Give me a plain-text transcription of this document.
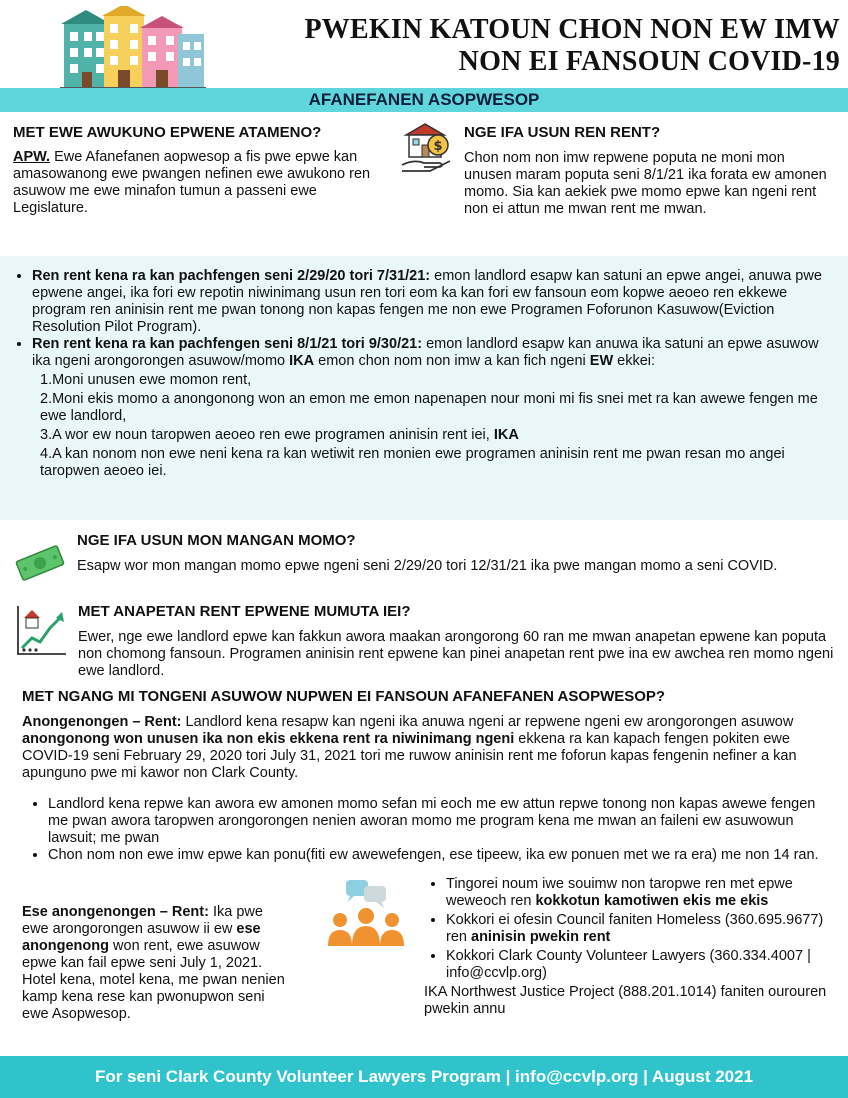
PWEKIN KATOUN CHON NON EW IMW
NON EI FANSOUN COVID-19
AFANEFANEN ASOPWESOP
MET EWE AWUKUNO EPWENE ATAMENO?
APW. Ewe Afanefanen aopwesop a fis pwe epwe kan amasowanong ewe pwangen nefinen ewe awukono ren asuwow me ewe minafon tumun a passeni ewe Legislature.
$
NGE IFA USUN REN RENT?
Chon nom non imw repwene poputa ne moni mon unusen maram poputa seni 8/1/21 ika forata ew amonen momo. Sia kan aekiek pwe momo epwe kan ngeni rent non ei attun me mwan rent me mwan.
• Ren rent kena ra kan pachfengen seni 2/29/20 tori 7/31/21: emon landlord esapw kan satuni an epwe angei, anuwa pwe epwene angei, ika fori ew repotin niwinimang usun ren tori eom ka kan fori ew fansoun eom kopwe aeoeo ren ekkewe program ren aninisin rent me pwan tonong non kapas fengen me non ewe Programen Foforunon Kasuwow(Eviction Resolution Pilot Program).
• Ren rent kena ra kan pachfengen seni 8/1/21 tori 9/30/21: emon landlord esapw kan anuwa ika satuni an epwe asuwow ika ngeni arongorongen asuwow/momo IKA emon chon nom non imw a kan fich ngeni EW ekkei:
1.Moni unusen ewe momon rent,
2.Moni ekis momo a anongonong won an emon me emon napenapen nour moni mi fis snei met ra kan awewe fengen me ewe landlord,
3.A wor ew noun taropwen aeoeo ren ewe programen aninisin rent iei, IKA
4.A kan nonom non ewe neni kena ra kan wetiwit ren monien ewe programen aninisin rent me pwan resan mo angei taropwen aeoeo iei.
NGE IFA USUN MON MANGAN MOMO?
Esapw wor mon mangan momo epwe ngeni seni 2/29/20 tori 12/31/21 ika pwe mangan momo a seni COVID.
MET ANAPETAN RENT EPWENE MUMUTA IEI?
Ewer, nge ewe landlord epwe kan fakkun awora maakan arongorong 60 ran me mwan anapetan epwene kan poputa non chomong fansoun. Programen aninisin rent epwene kan pinei anapetan rent pwe ina ew awchea ren momo ngeni ewe landlord.
MET NGANG MI TONGENI ASUWOW NUPWEN EI FANSOUN AFANEFANEN ASOPWESOP?
Anongenongen – Rent: Landlord kena resapw kan ngeni ika anuwa ngeni ar repwene ngeni ew arongorongen asuwow anongonong won unusen ika non ekis ekkena rent ra niwinimang ngeni ekkena ra kan kapach fengen pokiten ewe COVID-19 seni February 29, 2020 tori July 31, 2021 tori me ruwow aninisin rent me foforun kapas fengenin nefiner a kan apunguno pwe mi kawor non Clark County.
• Landlord kena repwe kan awora ew amonen momo sefan mi eoch me ew attun repwe tonong non kapas awewe fengen me pwan awora taropwen arongorongen nenien aworan momo me program kena me mwan an faileni ew asuwowun lawsuit; me pwan
• Chon nom non ewe imw epwe kan ponu(fiti ew awewefengen, ese tipeew, ika ew ponuen met we ra era) me non 14 ran.
Ese anongenongen – Rent: Ika pwe ewe arongorongen asuwow ii ew ese anongenong won rent, ewe asuwow epwe kan fail epwe seni July 1, 2021. Hotel kena, motel kena, me pwan nenien kamp kena rese kan pwonupwon seni ewe Asopwesop.
• Tingorei noum iwe souimw non taropwe ren met epwe weweoch ren kokkotun kamotiwen ekis me ekis
• Kokkori ei ofesin Council faniten Homeless (360.695.9677) ren aninisin pwekin rent
• Kokkori Clark County Volunteer Lawyers (360.334.4007 | info@ccvlp.org)
IKA Northwest Justice Project (888.201.1014) faniten ourouren pwekin annu
For seni Clark County Volunteer Lawyers Program | info@ccvlp.org | August 2021
